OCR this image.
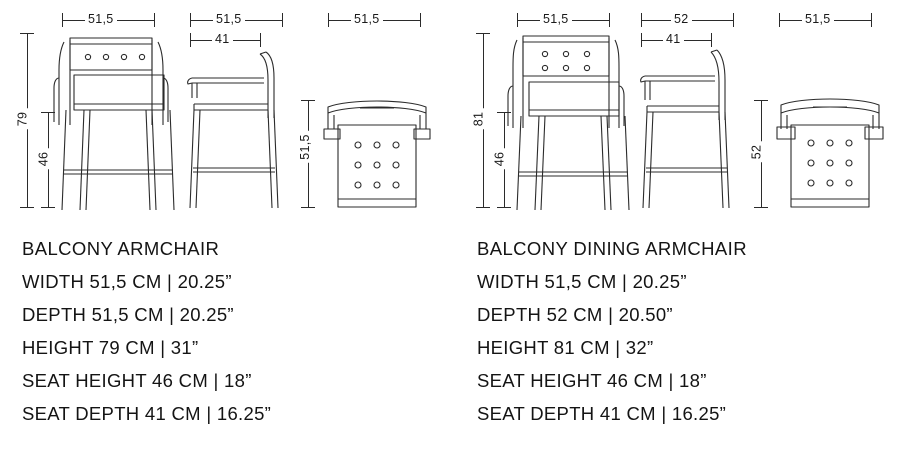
51,5
79
46
51,5
41
51,5
51,5
BALCONY ARMCHAIR
WIDTH 51,5 CM | 20.25”
DEPTH 51,5 CM | 20.25”
HEIGHT 79 CM | 31”
SEAT HEIGHT 46 CM | 18”
SEAT DEPTH 41 CM | 16.25”
51,5
81
46
52
41
51,5
52
BALCONY DINING ARMCHAIR
WIDTH 51,5 CM | 20.25”
DEPTH 52 CM | 20.50”
HEIGHT 81 CM | 32”
SEAT HEIGHT 46 CM | 18”
SEAT DEPTH 41 CM | 16.25”
